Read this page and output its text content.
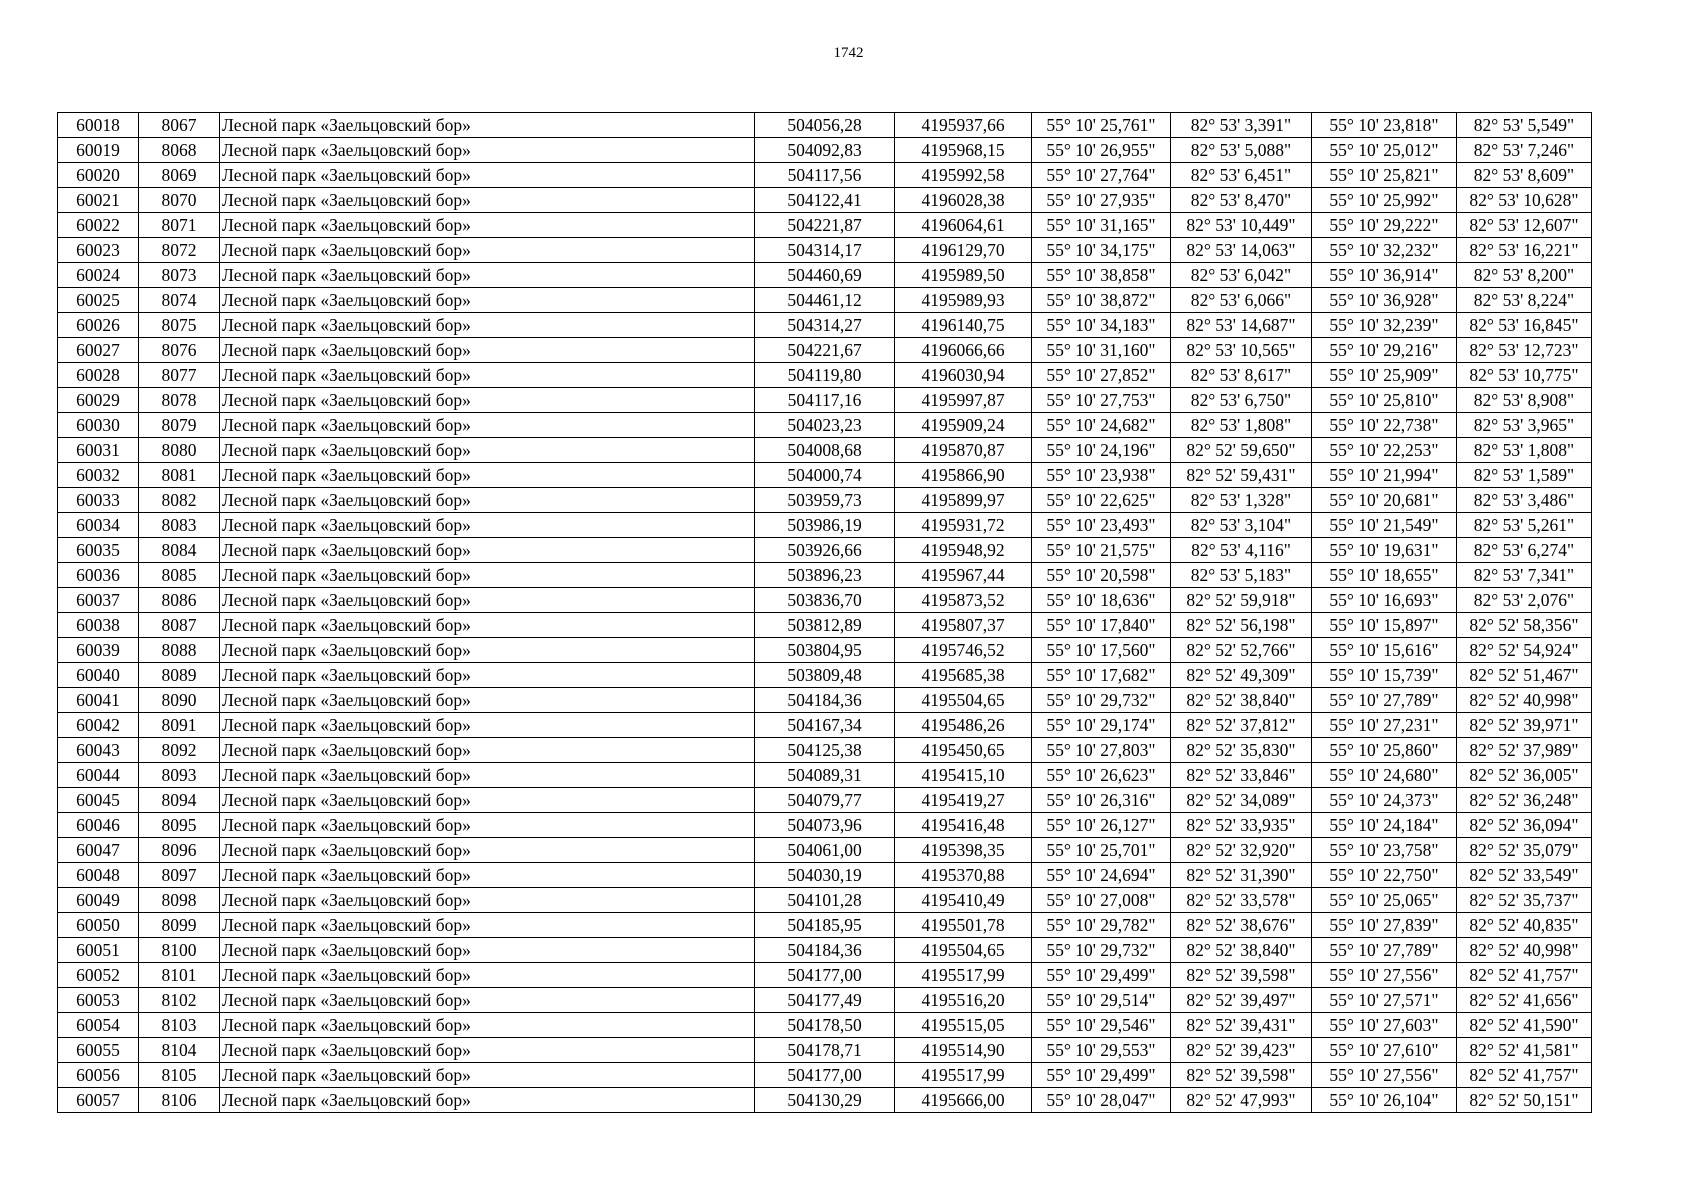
1742
60018	8067	Лесной парк «Заельцовский бор»	504056,28	4195937,66	55° 10' 25,761"	82° 53' 3,391"	55° 10' 23,818"	82° 53' 5,549"
60019	8068	Лесной парк «Заельцовский бор»	504092,83	4195968,15	55° 10' 26,955"	82° 53' 5,088"	55° 10' 25,012"	82° 53' 7,246"
60020	8069	Лесной парк «Заельцовский бор»	504117,56	4195992,58	55° 10' 27,764"	82° 53' 6,451"	55° 10' 25,821"	82° 53' 8,609"
60021	8070	Лесной парк «Заельцовский бор»	504122,41	4196028,38	55° 10' 27,935"	82° 53' 8,470"	55° 10' 25,992"	82° 53' 10,628"
60022	8071	Лесной парк «Заельцовский бор»	504221,87	4196064,61	55° 10' 31,165"	82° 53' 10,449"	55° 10' 29,222"	82° 53' 12,607"
60023	8072	Лесной парк «Заельцовский бор»	504314,17	4196129,70	55° 10' 34,175"	82° 53' 14,063"	55° 10' 32,232"	82° 53' 16,221"
60024	8073	Лесной парк «Заельцовский бор»	504460,69	4195989,50	55° 10' 38,858"	82° 53' 6,042"	55° 10' 36,914"	82° 53' 8,200"
60025	8074	Лесной парк «Заельцовский бор»	504461,12	4195989,93	55° 10' 38,872"	82° 53' 6,066"	55° 10' 36,928"	82° 53' 8,224"
60026	8075	Лесной парк «Заельцовский бор»	504314,27	4196140,75	55° 10' 34,183"	82° 53' 14,687"	55° 10' 32,239"	82° 53' 16,845"
60027	8076	Лесной парк «Заельцовский бор»	504221,67	4196066,66	55° 10' 31,160"	82° 53' 10,565"	55° 10' 29,216"	82° 53' 12,723"
60028	8077	Лесной парк «Заельцовский бор»	504119,80	4196030,94	55° 10' 27,852"	82° 53' 8,617"	55° 10' 25,909"	82° 53' 10,775"
60029	8078	Лесной парк «Заельцовский бор»	504117,16	4195997,87	55° 10' 27,753"	82° 53' 6,750"	55° 10' 25,810"	82° 53' 8,908"
60030	8079	Лесной парк «Заельцовский бор»	504023,23	4195909,24	55° 10' 24,682"	82° 53' 1,808"	55° 10' 22,738"	82° 53' 3,965"
60031	8080	Лесной парк «Заельцовский бор»	504008,68	4195870,87	55° 10' 24,196"	82° 52' 59,650"	55° 10' 22,253"	82° 53' 1,808"
60032	8081	Лесной парк «Заельцовский бор»	504000,74	4195866,90	55° 10' 23,938"	82° 52' 59,431"	55° 10' 21,994"	82° 53' 1,589"
60033	8082	Лесной парк «Заельцовский бор»	503959,73	4195899,97	55° 10' 22,625"	82° 53' 1,328"	55° 10' 20,681"	82° 53' 3,486"
60034	8083	Лесной парк «Заельцовский бор»	503986,19	4195931,72	55° 10' 23,493"	82° 53' 3,104"	55° 10' 21,549"	82° 53' 5,261"
60035	8084	Лесной парк «Заельцовский бор»	503926,66	4195948,92	55° 10' 21,575"	82° 53' 4,116"	55° 10' 19,631"	82° 53' 6,274"
60036	8085	Лесной парк «Заельцовский бор»	503896,23	4195967,44	55° 10' 20,598"	82° 53' 5,183"	55° 10' 18,655"	82° 53' 7,341"
60037	8086	Лесной парк «Заельцовский бор»	503836,70	4195873,52	55° 10' 18,636"	82° 52' 59,918"	55° 10' 16,693"	82° 53' 2,076"
60038	8087	Лесной парк «Заельцовский бор»	503812,89	4195807,37	55° 10' 17,840"	82° 52' 56,198"	55° 10' 15,897"	82° 52' 58,356"
60039	8088	Лесной парк «Заельцовский бор»	503804,95	4195746,52	55° 10' 17,560"	82° 52' 52,766"	55° 10' 15,616"	82° 52' 54,924"
60040	8089	Лесной парк «Заельцовский бор»	503809,48	4195685,38	55° 10' 17,682"	82° 52' 49,309"	55° 10' 15,739"	82° 52' 51,467"
60041	8090	Лесной парк «Заельцовский бор»	504184,36	4195504,65	55° 10' 29,732"	82° 52' 38,840"	55° 10' 27,789"	82° 52' 40,998"
60042	8091	Лесной парк «Заельцовский бор»	504167,34	4195486,26	55° 10' 29,174"	82° 52' 37,812"	55° 10' 27,231"	82° 52' 39,971"
60043	8092	Лесной парк «Заельцовский бор»	504125,38	4195450,65	55° 10' 27,803"	82° 52' 35,830"	55° 10' 25,860"	82° 52' 37,989"
60044	8093	Лесной парк «Заельцовский бор»	504089,31	4195415,10	55° 10' 26,623"	82° 52' 33,846"	55° 10' 24,680"	82° 52' 36,005"
60045	8094	Лесной парк «Заельцовский бор»	504079,77	4195419,27	55° 10' 26,316"	82° 52' 34,089"	55° 10' 24,373"	82° 52' 36,248"
60046	8095	Лесной парк «Заельцовский бор»	504073,96	4195416,48	55° 10' 26,127"	82° 52' 33,935"	55° 10' 24,184"	82° 52' 36,094"
60047	8096	Лесной парк «Заельцовский бор»	504061,00	4195398,35	55° 10' 25,701"	82° 52' 32,920"	55° 10' 23,758"	82° 52' 35,079"
60048	8097	Лесной парк «Заельцовский бор»	504030,19	4195370,88	55° 10' 24,694"	82° 52' 31,390"	55° 10' 22,750"	82° 52' 33,549"
60049	8098	Лесной парк «Заельцовский бор»	504101,28	4195410,49	55° 10' 27,008"	82° 52' 33,578"	55° 10' 25,065"	82° 52' 35,737"
60050	8099	Лесной парк «Заельцовский бор»	504185,95	4195501,78	55° 10' 29,782"	82° 52' 38,676"	55° 10' 27,839"	82° 52' 40,835"
60051	8100	Лесной парк «Заельцовский бор»	504184,36	4195504,65	55° 10' 29,732"	82° 52' 38,840"	55° 10' 27,789"	82° 52' 40,998"
60052	8101	Лесной парк «Заельцовский бор»	504177,00	4195517,99	55° 10' 29,499"	82° 52' 39,598"	55° 10' 27,556"	82° 52' 41,757"
60053	8102	Лесной парк «Заельцовский бор»	504177,49	4195516,20	55° 10' 29,514"	82° 52' 39,497"	55° 10' 27,571"	82° 52' 41,656"
60054	8103	Лесной парк «Заельцовский бор»	504178,50	4195515,05	55° 10' 29,546"	82° 52' 39,431"	55° 10' 27,603"	82° 52' 41,590"
60055	8104	Лесной парк «Заельцовский бор»	504178,71	4195514,90	55° 10' 29,553"	82° 52' 39,423"	55° 10' 27,610"	82° 52' 41,581"
60056	8105	Лесной парк «Заельцовский бор»	504177,00	4195517,99	55° 10' 29,499"	82° 52' 39,598"	55° 10' 27,556"	82° 52' 41,757"
60057	8106	Лесной парк «Заельцовский бор»	504130,29	4195666,00	55° 10' 28,047"	82° 52' 47,993"	55° 10' 26,104"	82° 52' 50,151"
